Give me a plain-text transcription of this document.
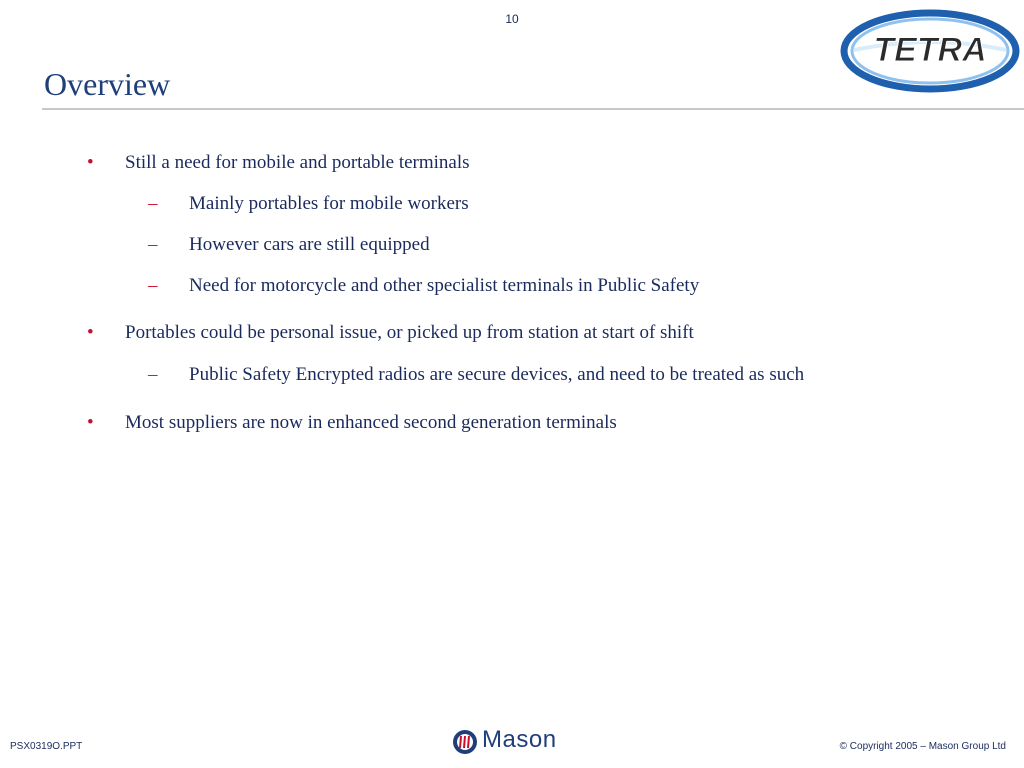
10
TETRA
Overview
• Still a need for mobile and portable terminals
– Mainly portables for mobile workers
– However cars are still equipped
– Need for motorcycle and other specialist terminals in Public Safety
• Portables could be personal issue, or picked up from station at start of shift
– Public Safety Encrypted radios are secure devices, and need to be treated as such
• Most suppliers are now in enhanced second generation terminals
PSX0319O.PPT	Mason	© Copyright 2005 – Mason Group Ltd
